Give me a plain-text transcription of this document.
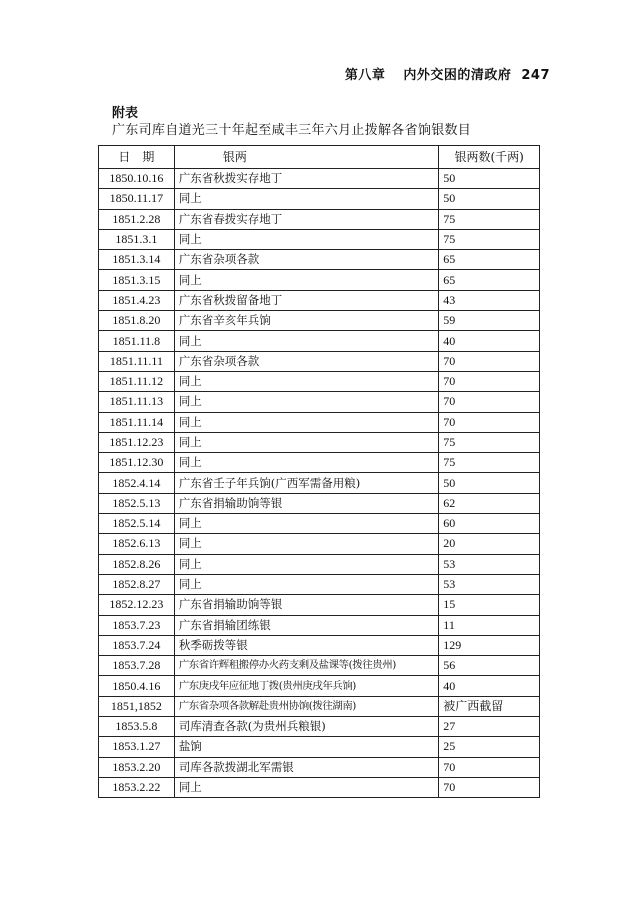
第八章 内外交困的清政府 247
附表
广东司库自道光三十年起至咸丰三年六月止拨解各省饷银数目
日　期	银两	银两数(千两)
1850.10.16	广东省秋拨实存地丁	50
1850.11.17	同上	50
1851.2.28	广东省春拨实存地丁	75
1851.3.1	同上	75
1851.3.14	广东省杂项各款	65
1851.3.15	同上	65
1851.4.23	广东省秋拨留备地丁	43
1851.8.20	广东省辛亥年兵饷	59
1851.11.8	同上	40
1851.11.11	广东省杂项各款	70
1851.11.12	同上	70
1851.11.13	同上	70
1851.11.14	同上	70
1851.12.23	同上	75
1851.12.30	同上	75
1852.4.14	广东省壬子年兵饷(广西军需备用粮)	50
1852.5.13	广东省捐输助饷等银	62
1852.5.14	同上	60
1852.6.13	同上	20
1852.8.26	同上	53
1852.8.27	同上	53
1852.12.23	广东省捐输助饷等银	15
1853.7.23	广东省捐输团练银	11
1853.7.24	秋季砺拨等银	129
1853.7.28	广东省许辉租搬停办火药支剩及盐课等(拨往贵州)	56
1850.4.16	广东庚戌年应征地丁拨(贵州庚戌年兵饷)	40
1851,1852	广东省杂项各款解赴贵州协饷(拨往湖南)	被广西截留
1853.5.8	司库清查各款(为贵州兵粮银)	27
1853.1.27	盐饷	25
1853.2.20	司库各款拨湖北军需银	70
1853.2.22	同上	70
